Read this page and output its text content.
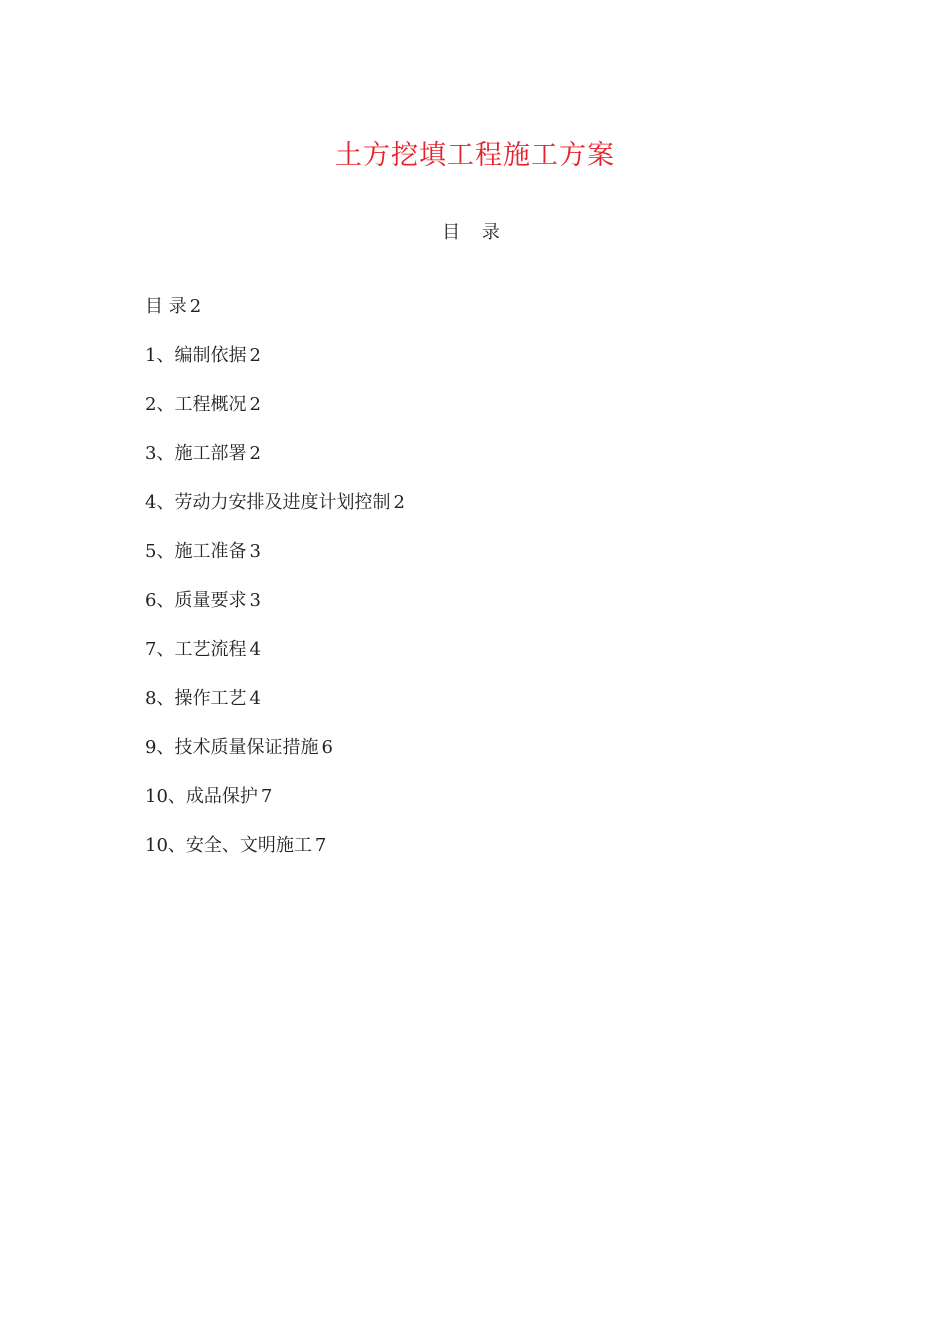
土方挖填工程施工方案
目 录
目 录 2
1、编制依据 2
2、工程概况 2
3、施工部署 2
4、劳动力安排及进度计划控制 2
5、施工准备 3
6、质量要求 3
7、工艺流程 4
8、操作工艺 4
9、技术质量保证措施 6
10、成品保护 7
10、安全、文明施工 7
